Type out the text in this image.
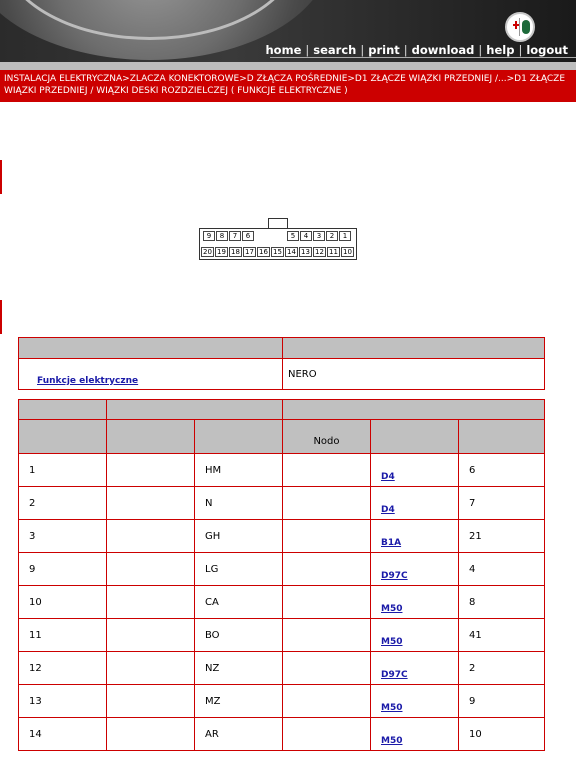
home | search | print | download | help | logout
INSTALACJA ELEKTRYCZNA>ZLACZA KONEKTOROWE>D ZŁĄCZA POŚREDNIE>D1 ZŁĄCZE WIĄZKI PRZEDNIEJ /...>D1 ZŁĄCZE WIĄZKI PRZEDNIEJ / WIĄZKI DESKI ROZDZIELCZEJ ( FUNKCJE ELEKTRYCZNE )
9	8	7	6	5	4	3	2	1
20 19 18 17 16 15 14 13 12 11 10

Funkcje elektryczne	NERO

			Nodo		
1		HM		D4	6
2		N		D4	7
3		GH		B1A	21
9		LG		D97C	4
10		CA		M50	8
11		BO		M50	41
12		NZ		D97C	2
13		MZ		M50	9
14		AR		M50	10
